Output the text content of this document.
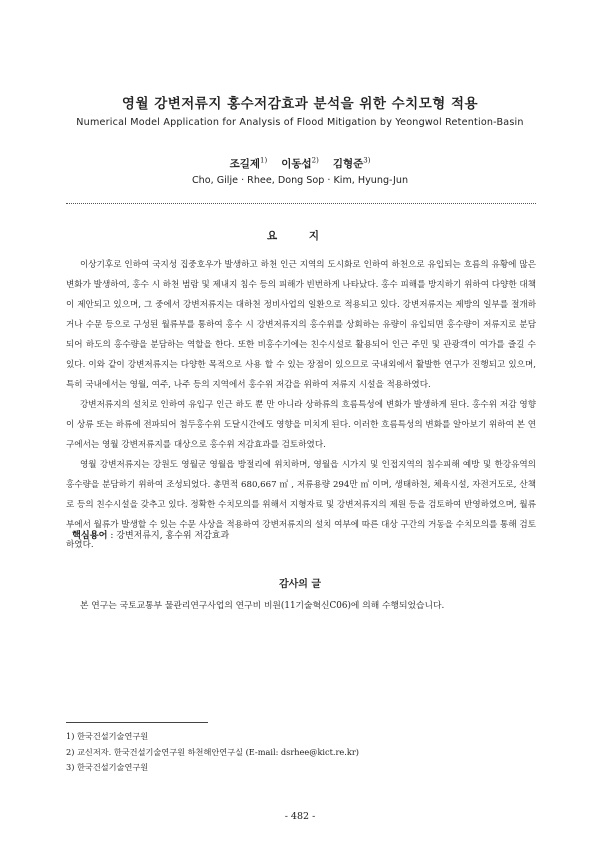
영월 강변저류지 홍수저감효과 분석을 위한 수치모형 적용
Numerical Model Application for Analysis of Flood Mitigation by Yeongwol Retention-Basin
조길제$^{1)}$ 이동섭$^{2)}$ 김형준$^{3)}$
Cho, Gilje · Rhee, Dong Sop · Kim, Hyung-Jun
요 지

이상기후로 인하여 국지성 집중호우가 발생하고 하천 인근 지역의 도시화로 인하여 하천으로 유입되는 흐름의 유황에 많은 변화가 발생하여, 홍수 시 하천 범람 및 제내지 침수 등의 피해가 빈번하게 나타났다. 홍수 피해를 방지하기 위하여 다양한 대책이 제안되고 있으며, 그 중에서 강변저류지는 대하천 정비사업의 일환으로 적용되고 있다. 강변저류지는 제방의 일부를 절개하거나 수문 등으로 구성된 월류부를 통하여 홍수 시 강변저류지의 홍수위를 상회하는 유량이 유입되면 홍수량이 저류지로 분담되어 하도의 홍수량을 분담하는 역할을 한다. 또한 비홍수기에는 친수시설로 활용되어 인근 주민 및 관광객이 여가를 즐길 수 있다. 이와 같이 강변저류지는 다양한 목적으로 사용 할 수 있는 장점이 있으므로 국내외에서 활발한 연구가 진행되고 있으며, 특히 국내에서는 영월, 여주, 나주 등의 지역에서 홍수위 저감을 위하여 저류지 시설을 적용하였다.

강변저류지의 설치로 인하여 유입구 인근 하도 뿐 만 아니라 상하류의 흐름특성에 변화가 발생하게 된다. 홍수위 저감 영향이 상류 또는 하류에 전파되어 첨두홍수위 도달시간에도 영향을 미치게 된다. 이러한 흐름특성의 변화를 알아보기 위하여 본 연구에서는 영월 강변저류지를 대상으로 홍수위 저감효과를 검토하였다.

영월 강변저류지는 강원도 영월군 영월읍 방절리에 위치하며, 영월읍 시가지 및 인접지역의 침수피해 예방 및 한강유역의 홍수량을 분담하기 위하여 조성되었다. 총면적 680,667 ㎡ , 저류용량 294만 ㎥ 이며, 생태하천, 체육시설, 자전거도로, 산책로 등의 친수시설을 갖추고 있다. 정확한 수치모의를 위해서 지형자료 및 강변저류지의 제원 등을 검토하여 반영하였으며, 월류부에서 월류가 발생할 수 있는 수문 사상을 적용하여 강변저류지의 설치 여부에 따른 대상 구간의 거동을 수치모의를 통해 검토하였다.

핵심용어 : 강변저류지, 홍수위 저감효과
감사의 글
본 연구는 국토교통부 물관리연구사업의 연구비 비원(11기술혁신C06)에 의해 수행되었습니다.
1) 한국건설기술연구원
2) 교신저자. 한국건설기술연구원 하천해안연구실 (E-mail: dsrhee@kict.re.kr)
3) 한국건설기술연구원
- 482 -
